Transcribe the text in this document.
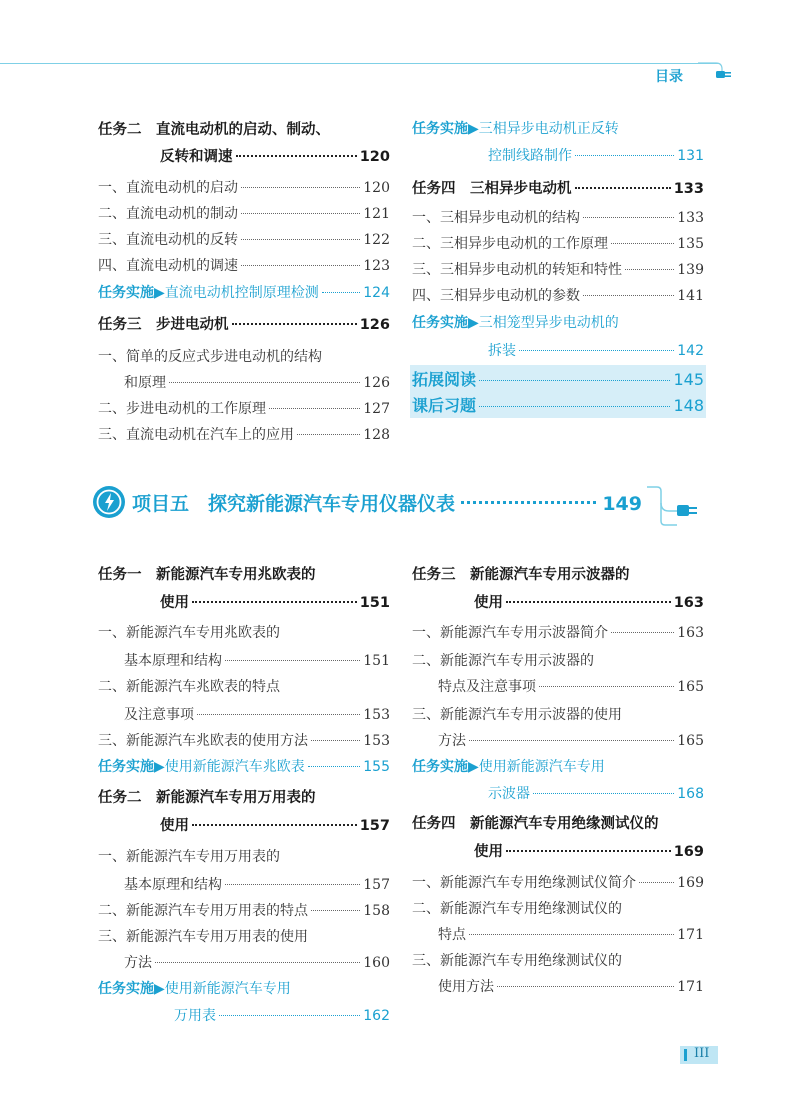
目录
任务二　直流电动机的启动、制动、
反转和调速	120
一、直流电动机的启动	120
二、直流电动机的制动	121
三、直流电动机的反转	122
四、直流电动机的调速	123
任务实施▶ 直流电动机控制原理检测	124
任务三　步进电动机	126
一、简单的反应式步进电动机的结构
和原理	126
二、步进电动机的工作原理	127
三、直流电动机在汽车上的应用	128
任务实施▶ 三相异步电动机正反转
控制线路制作	131
任务四　三相异步电动机	133
一、三相异步电动机的结构	133
二、三相异步电动机的工作原理	135
三、三相异步电动机的转矩和特性	139
四、三相异步电动机的参数	141
任务实施▶ 三相笼型异步电动机的
拆装	142
拓展阅读	145
课后习题	148
项目五　探究新能源汽车专用仪器仪表	149
任务一　新能源汽车专用兆欧表的
使用	151
一、新能源汽车专用兆欧表的
基本原理和结构	151
二、新能源汽车兆欧表的特点
及注意事项	153
三、新能源汽车兆欧表的使用方法	153
任务实施▶ 使用新能源汽车兆欧表	155
任务二　新能源汽车专用万用表的
使用	157
一、新能源汽车专用万用表的
基本原理和结构	157
二、新能源汽车专用万用表的特点	158
三、新能源汽车专用万用表的使用
方法	160
任务实施▶ 使用新能源汽车专用
万用表	162
任务三　新能源汽车专用示波器的
使用	163
一、新能源汽车专用示波器简介	163
二、新能源汽车专用示波器的
特点及注意事项	165
三、新能源汽车专用示波器的使用
方法	165
任务实施▶ 使用新能源汽车专用
示波器	168
任务四　新能源汽车专用绝缘测试仪的
使用	169
一、新能源汽车专用绝缘测试仪简介	169
二、新能源汽车专用绝缘测试仪的
特点	171
三、新能源汽车专用绝缘测试仪的
使用方法	171
III
